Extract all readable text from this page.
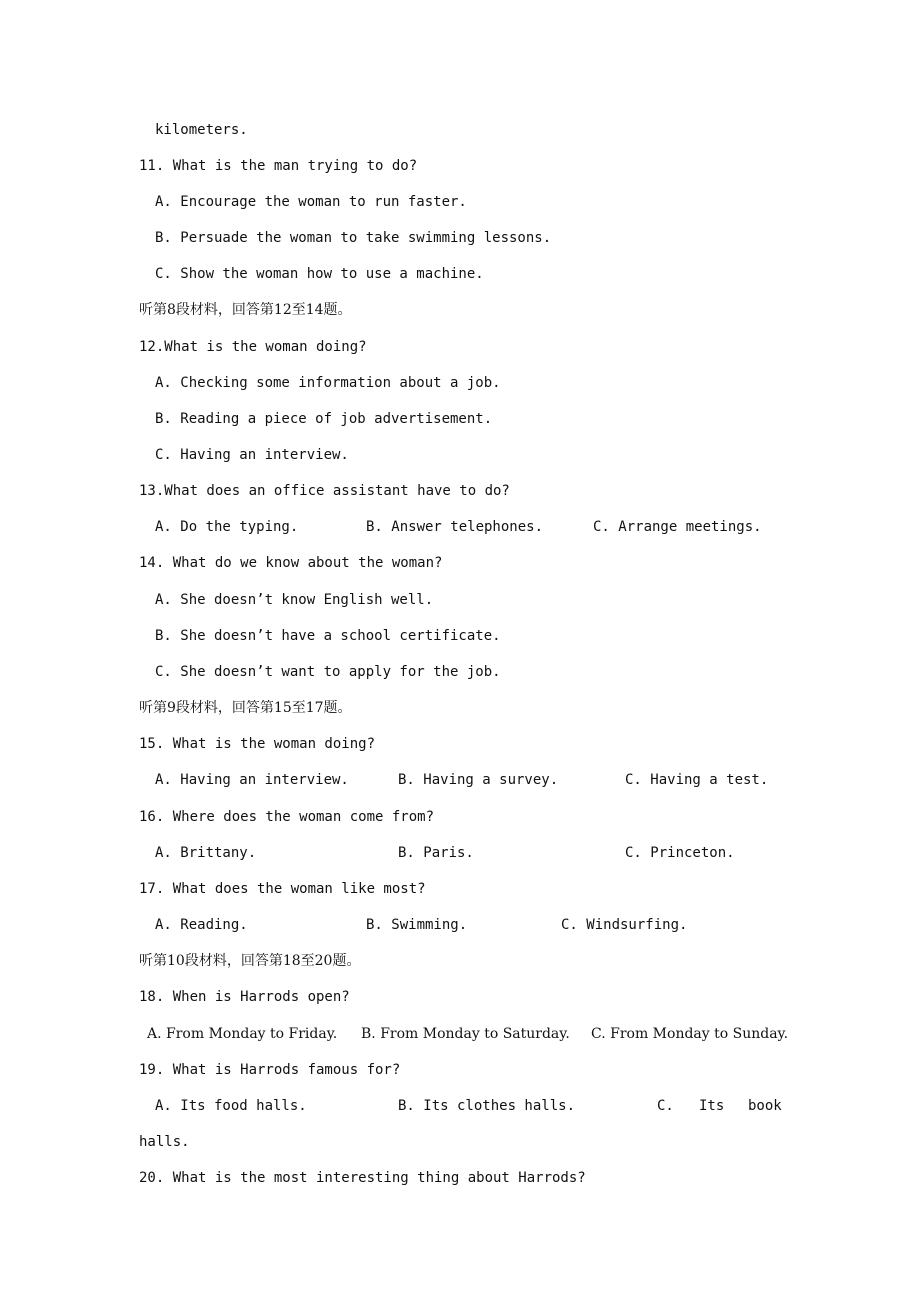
kilometers.
11. What is the man trying to do?
A. Encourage the woman to run faster.
B. Persuade the woman to take swimming lessons.
C. Show the woman how to use a machine.
听第8段材料，回答第12至14题。
12.What is the woman doing?
A. Checking some information about a job.
B. Reading a piece of job advertisement.
C. Having an interview.
13.What does an office assistant have to do?
A. Do the typing.	B. Answer telephones.	C. Arrange meetings.
14. What do we know about the woman?
A. She doesn’t know English well.
B. She doesn’t have a school certificate.
C. She doesn’t want to apply for the job.
听第9段材料，回答第15至17题。
15. What is the woman doing?
A. Having an interview.	B. Having a survey.	C. Having a test.
16. Where does the woman come from?
A. Brittany.	B. Paris.	C. Princeton.
17. What does the woman like most?
A. Reading.	B. Swimming.	C. Windsurfing.
听第10段材料，回答第18至20题。
18. When is Harrods open?
A. From Monday to Friday. B. From Monday to Saturday. C. From Monday to Sunday.
19. What is Harrods famous for?
A. Its food halls.	B. Its clothes halls.	C. Its book
halls.
20. What is the most interesting thing about Harrods?
